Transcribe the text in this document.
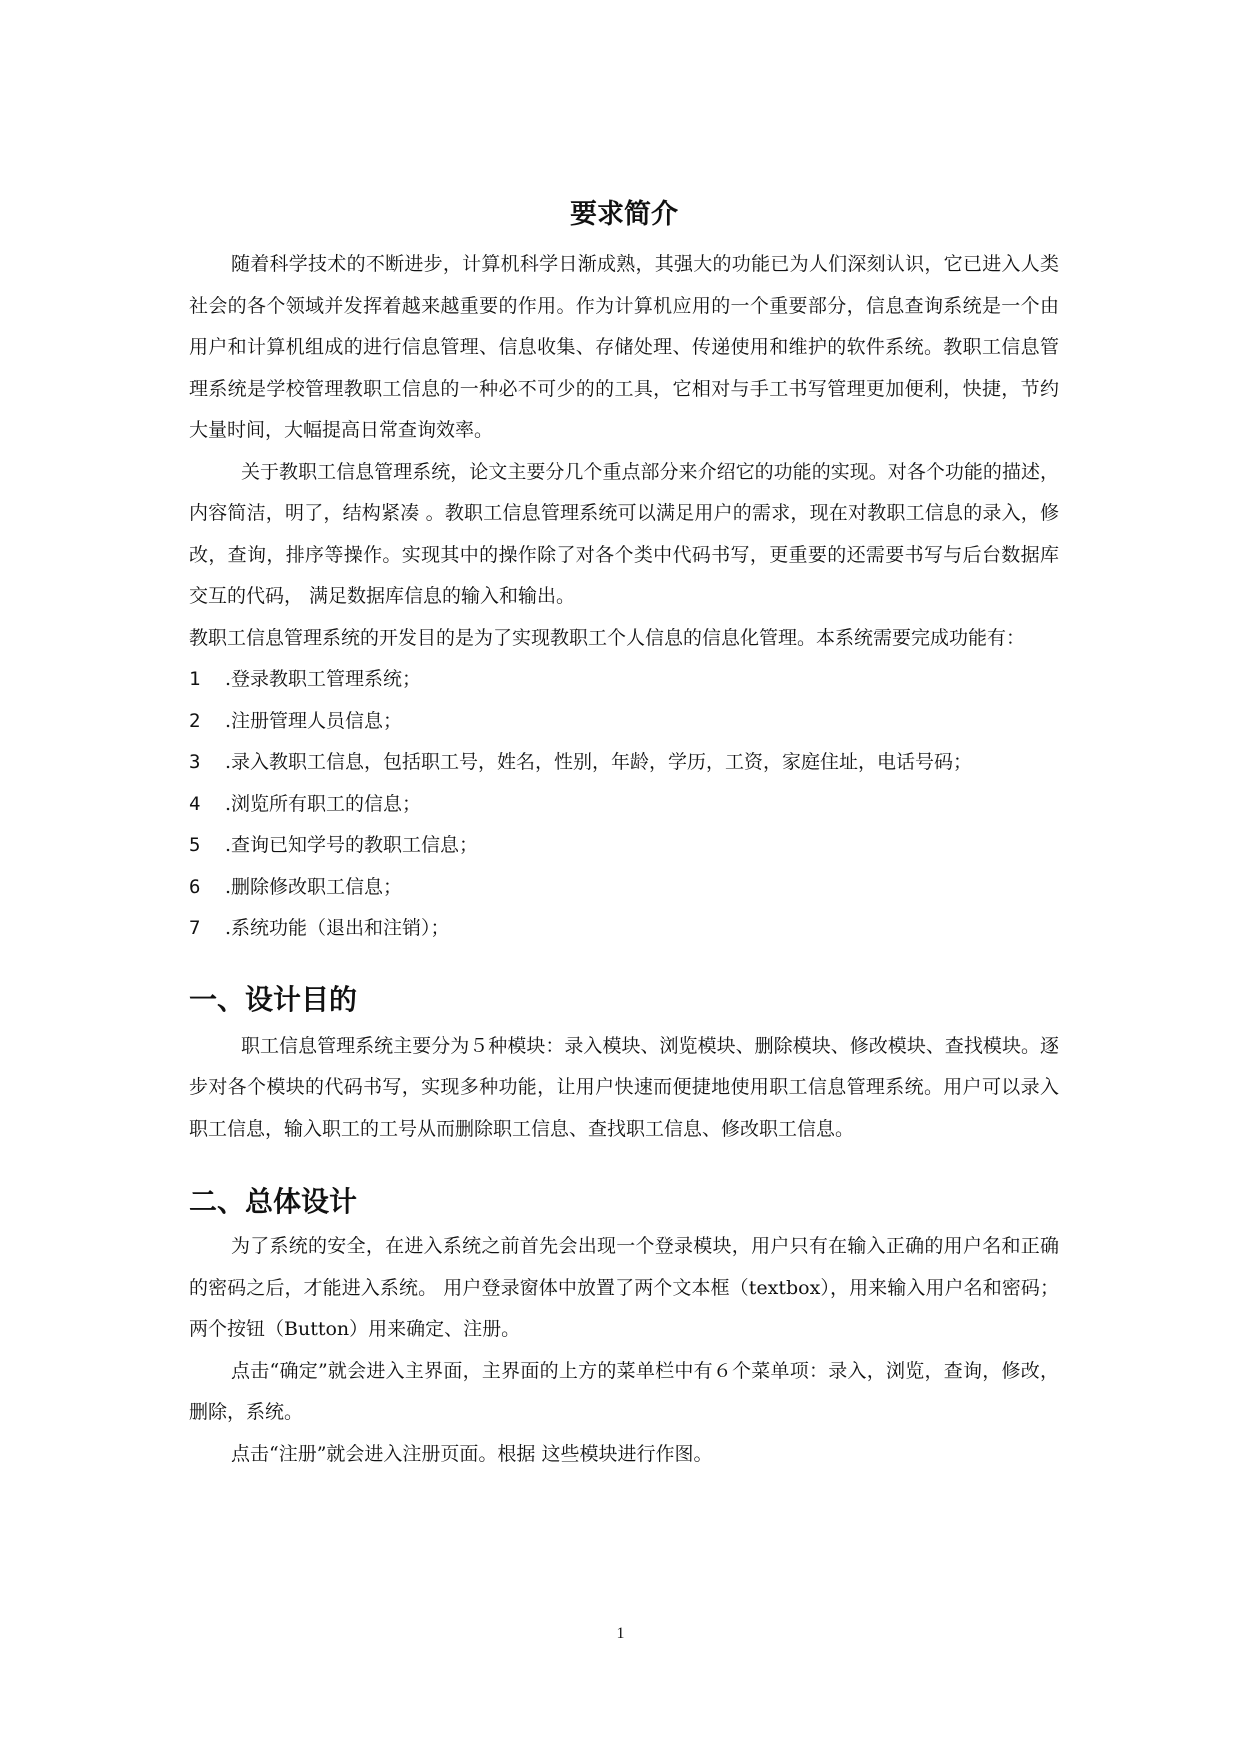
要求简介

随着科学技术的不断进步，计算机科学日渐成熟，其强大的功能已为人们深刻认识，它已进入人类社会的各个领域并发挥着越来越重要的作用。作为计算机应用的一个重要部分，信息查询系统是一个由用户和计算机组成的进行信息管理、信息收集、存储处理、传递使用和维护的软件系统。教职工信息管理系统是学校管理教职工信息的一种必不可少的的工具，它相对与手工书写管理更加便利，快捷，节约大量时间，大幅提高日常查询效率。

关于教职工信息管理系统，论文主要分几个重点部分来介绍它的功能的实现。对各个功能的描述，内容简洁，明了，结构紧凑 。教职工信息管理系统可以满足用户的需求，现在对教职工信息的录入，修改，查询，排序等操作。实现其中的操作除了对各个类中代码书写，更重要的还需要书写与后台数据库交互的代码， 满足数据库信息的输入和输出。

教职工信息管理系统的开发目的是为了实现教职工个人信息的信息化管理。本系统需要完成功能有：

1 .登录教职工管理系统；
2 .注册管理人员信息；
3 .录入教职工信息，包括职工号，姓名，性别，年龄，学历，工资，家庭住址，电话号码；
4 .浏览所有职工的信息；
5 .查询已知学号的教职工信息；
6 .删除修改职工信息；
7 .系统功能（退出和注销）；
一、设计目的

职工信息管理系统主要分为５种模块：录入模块、浏览模块、删除模块、修改模块、查找模块。逐步对各个模块的代码书写，实现多种功能，让用户快速而便捷地使用职工信息管理系统。用户可以录入职工信息，输入职工的工号从而删除职工信息、查找职工信息、修改职工信息。

二、总体设计

为了系统的安全，在进入系统之前首先会出现一个登录模块，用户只有在输入正确的用户名和正确的密码之后，才能进入系统。 用户登录窗体中放置了两个文本框（textbox），用来输入用户名和密码；两个按钮（Button）用来确定、注册。

点击“确定”就会进入主界面，主界面的上方的菜单栏中有６个菜单项：录入，浏览，查询，修改，删除，系统。

点击“注册”就会进入注册页面。根据 这些模块进行作图。

1
